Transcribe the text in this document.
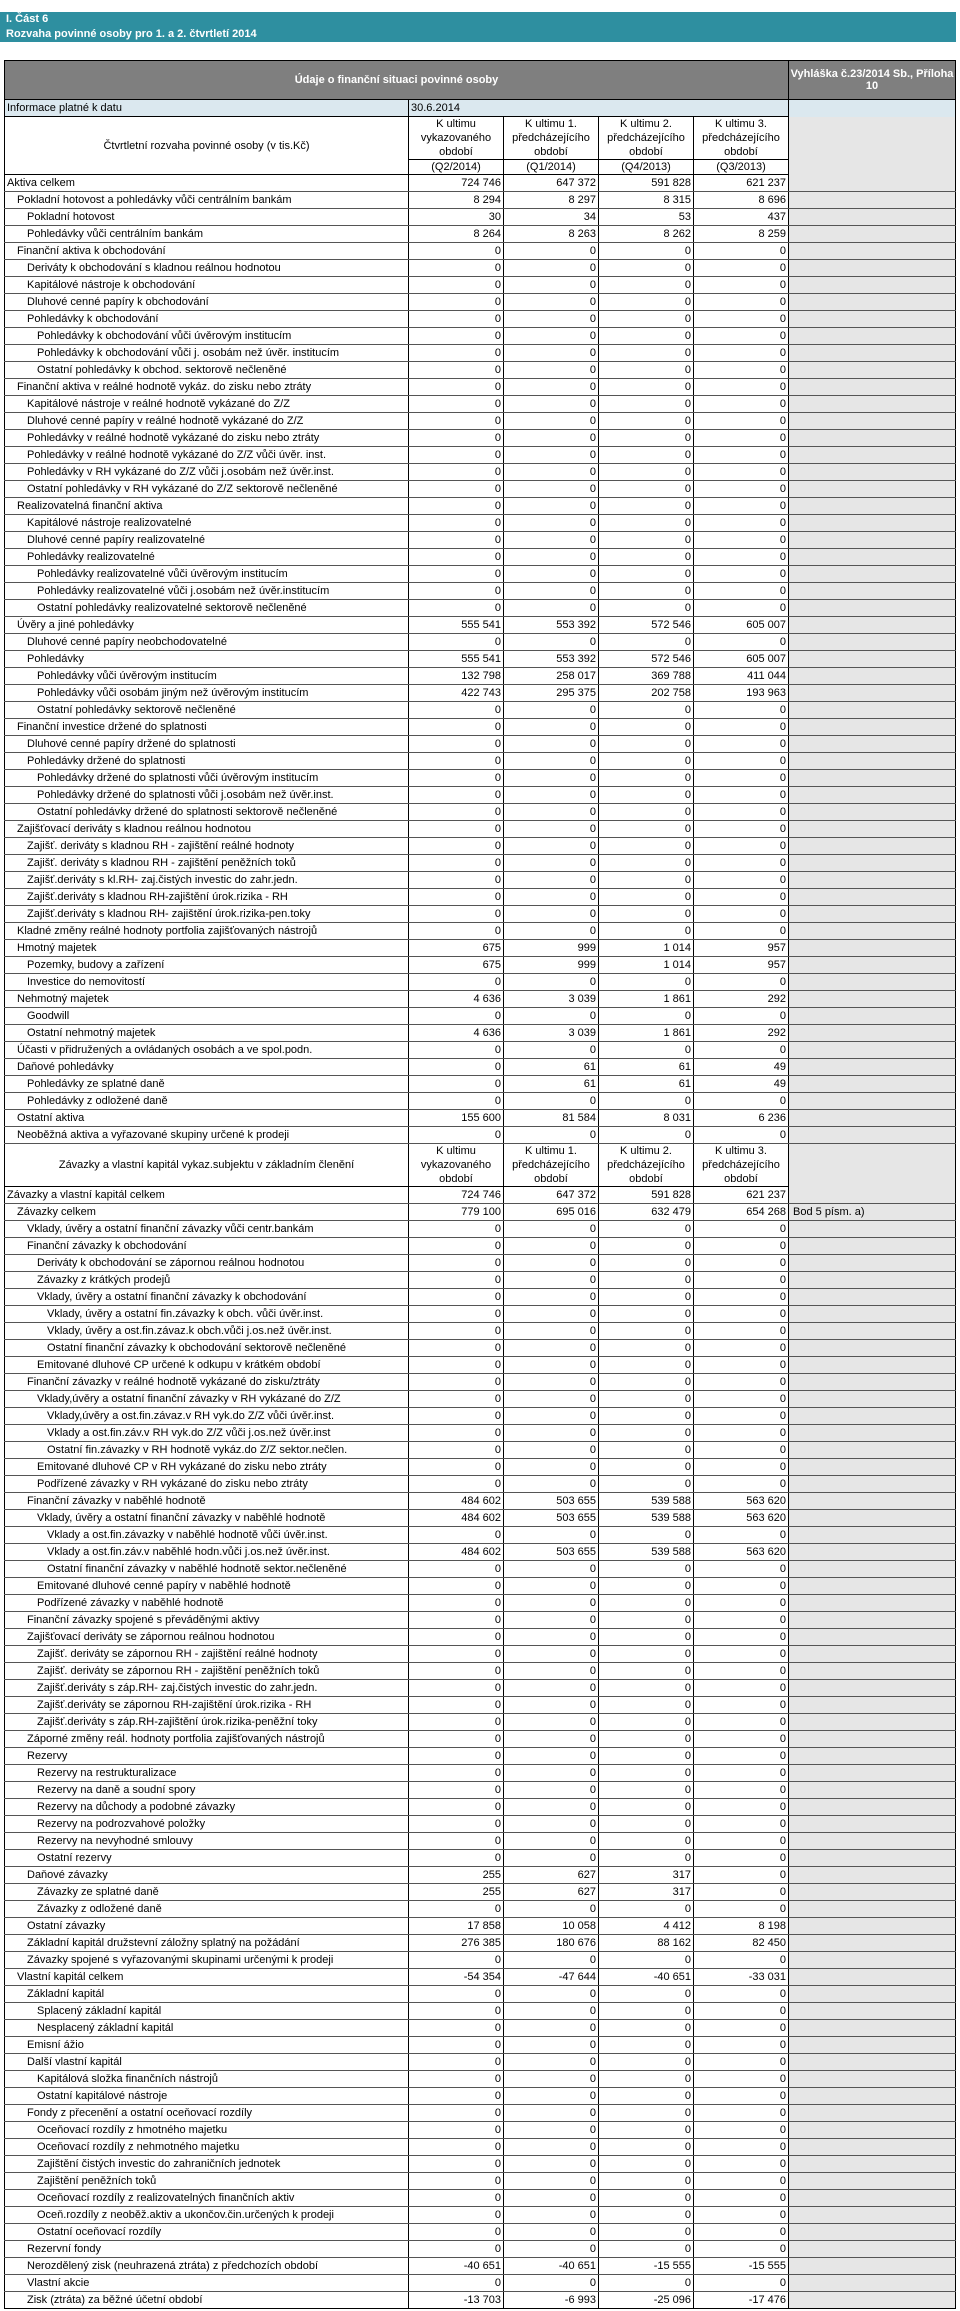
I. Část 6
Rozvaha povinné osoby pro 1. a 2. čtvrtletí 2014
Údaje o finanční situaci povinné osoby					Vyhláška č.23/2014 Sb., Příloha 10
Informace platné k datu	30.6.2014				
Čtvrtletní rozvaha povinné osoby (v tis.Kč)	K ultimu vykazovaného období	K ultimu 1. předcházejícího období	K ultimu 2. předcházejícího období	K ultimu 3. předcházejícího období	
	(Q2/2014)	(Q1/2014)	(Q4/2013)	(Q3/2013)	
Aktiva celkem	724 746	647 372	591 828	621 237	
Pokladní hotovost a pohledávky vůči centrálním bankám	8 294	8 297	8 315	8 696	
Pokladní hotovost	30	34	53	437	
Pohledávky vůči centrálním bankám	8 264	8 263	8 262	8 259	
Finanční aktiva k obchodování	0	0	0	0	
Deriváty k obchodování s kladnou reálnou hodnotou	0	0	0	0	
Kapitálové nástroje k obchodování	0	0	0	0	
Dluhové cenné papíry k obchodování	0	0	0	0	
Pohledávky k obchodování	0	0	0	0	
Pohledávky k obchodování vůči úvěrovým institucím	0	0	0	0	
Pohledávky k obchodování vůči j. osobám než úvěr. institucím	0	0	0	0	
Ostatní pohledávky k obchod. sektorově nečleněné	0	0	0	0	
Finanční aktiva v reálné hodnotě vykáz. do zisku nebo ztráty	0	0	0	0	
Kapitálové nástroje v reálné hodnotě vykázané do Z/Z	0	0	0	0	
Dluhové cenné papíry v reálné hodnotě vykázané do Z/Z	0	0	0	0	
Pohledávky v reálné hodnotě vykázané do zisku nebo ztráty	0	0	0	0	
Pohledávky v reálné hodnotě vykázané do Z/Z vůči úvěr. inst.	0	0	0	0	
Pohledávky v RH vykázané do Z/Z vůči j.osobám než úvěr.inst.	0	0	0	0	
Ostatní pohledávky v RH vykázané do Z/Z sektorově nečleněné	0	0	0	0	
Realizovatelná finanční aktiva	0	0	0	0	
Kapitálové nástroje realizovatelné	0	0	0	0	
Dluhové cenné papíry realizovatelné	0	0	0	0	
Pohledávky realizovatelné	0	0	0	0	
Pohledávky realizovatelné vůči úvěrovým institucím	0	0	0	0	
Pohledávky realizovatelné vůči j.osobám než úvěr.institucím	0	0	0	0	
Ostatní pohledávky realizovatelné sektorově nečleněné	0	0	0	0	
Úvěry a jiné pohledávky	555 541	553 392	572 546	605 007	
Dluhové cenné papíry neobchodovatelné	0	0	0	0	
Pohledávky	555 541	553 392	572 546	605 007	
Pohledávky vůči úvěrovým institucím	132 798	258 017	369 788	411 044	
Pohledávky vůči osobám jiným než úvěrovým institucím	422 743	295 375	202 758	193 963	
Ostatní pohledávky sektorově nečleněné	0	0	0	0	
Finanční investice držené do splatnosti	0	0	0	0	
Dluhové cenné papíry držené do splatnosti	0	0	0	0	
Pohledávky držené do splatnosti	0	0	0	0	
Pohledávky držené do splatnosti vůči úvěrovým institucím	0	0	0	0	
Pohledávky držené do splatnosti vůči j.osobám než úvěr.inst.	0	0	0	0	
Ostatní pohledávky držené do splatnosti sektorově nečleněné	0	0	0	0	
Zajišťovací deriváty s kladnou reálnou hodnotou	0	0	0	0	
Zajišť. deriváty s kladnou RH - zajištění reálné hodnoty	0	0	0	0	
Zajišť. deriváty s kladnou RH - zajištění peněžních toků	0	0	0	0	
Zajišť.deriváty s kl.RH- zaj.čistých investic do zahr.jedn.	0	0	0	0	
Zajišť.deriváty s kladnou RH-zajištění úrok.rizika - RH	0	0	0	0	
Zajišť.deriváty s kladnou RH- zajištění úrok.rizika-pen.toky	0	0	0	0	
Kladné změny reálné hodnoty portfolia zajišťovaných nástrojů	0	0	0	0	
Hmotný majetek	675	999	1 014	957	
Pozemky, budovy a zařízení	675	999	1 014	957	
Investice do nemovitostí	0	0	0	0	
Nehmotný majetek	4 636	3 039	1 861	292	
Goodwill	0	0	0	0	
Ostatní nehmotný majetek	4 636	3 039	1 861	292	
Účasti v přidružených a ovládaných osobách a ve spol.podn.	0	0	0	0	
Daňové pohledávky	0	61	61	49	
Pohledávky ze splatné daně	0	61	61	49	
Pohledávky z odložené daně	0	0	0	0	
Ostatní aktiva	155 600	81 584	8 031	6 236	
Neoběžná aktiva a vyřazované skupiny určené k prodeji	0	0	0	0	
Závazky a vlastní kapitál vykaz.subjektu v základním členění	K ultimu vykazovaného období	K ultimu 1. předcházejícího období	K ultimu 2. předcházejícího období	K ultimu 3. předcházejícího období	
Závazky a vlastní kapitál celkem	724 746	647 372	591 828	621 237	
Závazky celkem	779 100	695 016	632 479	654 268	Bod 5 písm. a)
Vklady, úvěry a ostatní finanční závazky vůči centr.bankám	0	0	0	0	
Finanční závazky k obchodování	0	0	0	0	
Deriváty k obchodování se zápornou reálnou hodnotou	0	0	0	0	
Závazky z krátkých prodejů	0	0	0	0	
Vklady, úvěry a ostatní finanční závazky k obchodování	0	0	0	0	
Vklady, úvěry a ostatní fin.závazky k obch. vůči úvěr.inst.	0	0	0	0	
Vklady, úvěry a ost.fin.závaz.k obch.vůči j.os.než úvěr.inst.	0	0	0	0	
Ostatní finanční závazky k obchodování sektorově nečleněné	0	0	0	0	
Emitované dluhové CP určené k odkupu v krátkém období	0	0	0	0	
Finanční závazky v reálné hodnotě vykázané do zisku/ztráty	0	0	0	0	
Vklady,úvěry a ostatní finanční závazky v RH vykázané do Z/Z	0	0	0	0	
Vklady,úvěry a ost.fin.závaz.v RH vyk.do Z/Z vůči úvěr.inst.	0	0	0	0	
Vklady a ost.fin.záv.v RH vyk.do Z/Z vůči j.os.než úvěr.inst	0	0	0	0	
Ostatní fin.závazky v RH hodnotě vykáz.do Z/Z sektor.nečlen.	0	0	0	0	
Emitované dluhové CP v RH vykázané do zisku nebo ztráty	0	0	0	0	
Podřízené závazky v RH vykázané do zisku nebo ztráty	0	0	0	0	
Finanční závazky v naběhlé hodnotě	484 602	503 655	539 588	563 620	
Vklady, úvěry a ostatní finanční závazky v naběhlé hodnotě	484 602	503 655	539 588	563 620	
Vklady a ost.fin.závazky v naběhlé hodnotě vůči úvěr.inst.	0	0	0	0	
Vklady a ost.fin.záv.v naběhlé hodn.vůči j.os.než úvěr.inst.	484 602	503 655	539 588	563 620	
Ostatní finanční závazky v naběhlé hodnotě sektor.nečleněné	0	0	0	0	
Emitované dluhové cenné papíry v naběhlé hodnotě	0	0	0	0	
Podřízené závazky v naběhlé hodnotě	0	0	0	0	
Finanční závazky spojené s převáděnými aktivy	0	0	0	0	
Zajišťovací deriváty se zápornou reálnou hodnotou	0	0	0	0	
Zajišť. deriváty se zápornou RH - zajištění reálné hodnoty	0	0	0	0	
Zajišť. deriváty se zápornou RH - zajištění peněžních toků	0	0	0	0	
Zajišť.deriváty s záp.RH- zaj.čistých investic do zahr.jedn.	0	0	0	0	
Zajišť.deriváty se zápornou RH-zajištění úrok.rizika - RH	0	0	0	0	
Zajišť.deriváty s záp.RH-zajištění úrok.rizika-peněžní toky	0	0	0	0	
Záporné změny reál. hodnoty portfolia zajišťovaných nástrojů	0	0	0	0	
Rezervy	0	0	0	0	
Rezervy na restrukturalizace	0	0	0	0	
Rezervy na daně a soudní spory	0	0	0	0	
Rezervy na důchody a podobné závazky	0	0	0	0	
Rezervy na podrozvahové položky	0	0	0	0	
Rezervy na nevyhodné smlouvy	0	0	0	0	
Ostatní rezervy	0	0	0	0	
Daňové závazky	255	627	317	0	
Závazky ze splatné daně	255	627	317	0	
Závazky z odložené daně	0	0	0	0	
Ostatní závazky	17 858	10 058	4 412	8 198	
Základní kapitál družstevní záložny splatný na požádání	276 385	180 676	88 162	82 450	
Závazky spojené s vyřazovanými skupinami určenými k prodeji	0	0	0	0	
Vlastní kapitál celkem	-54 354	-47 644	-40 651	-33 031	
Základní kapitál	0	0	0	0	
Splacený základní kapitál	0	0	0	0	
Nesplacený základní kapitál	0	0	0	0	
Emisní ážio	0	0	0	0	
Další vlastní kapitál	0	0	0	0	
Kapitálová složka finančních nástrojů	0	0	0	0	
Ostatní kapitálové nástroje	0	0	0	0	
Fondy z přecenění a ostatní oceňovací rozdíly	0	0	0	0	
Oceňovací rozdíly z hmotného majetku	0	0	0	0	
Oceňovací rozdíly z nehmotného majetku	0	0	0	0	
Zajištění čistých investic do zahraničních jednotek	0	0	0	0	
Zajištění peněžních toků	0	0	0	0	
Oceňovací rozdíly z realizovatelných finančních aktiv	0	0	0	0	
Oceň.rozdíly z neoběž.aktiv a ukončov.čin.určených k prodeji	0	0	0	0	
Ostatní oceňovací rozdíly	0	0	0	0	
Rezervní fondy	0	0	0	0	
Nerozdělený zisk (neuhrazená ztráta) z předchozích období	-40 651	-40 651	-15 555	-15 555	
Vlastní akcie	0	0	0	0	
Zisk (ztráta) za běžné účetní období	-13 703	-6 993	-25 096	-17 476	
